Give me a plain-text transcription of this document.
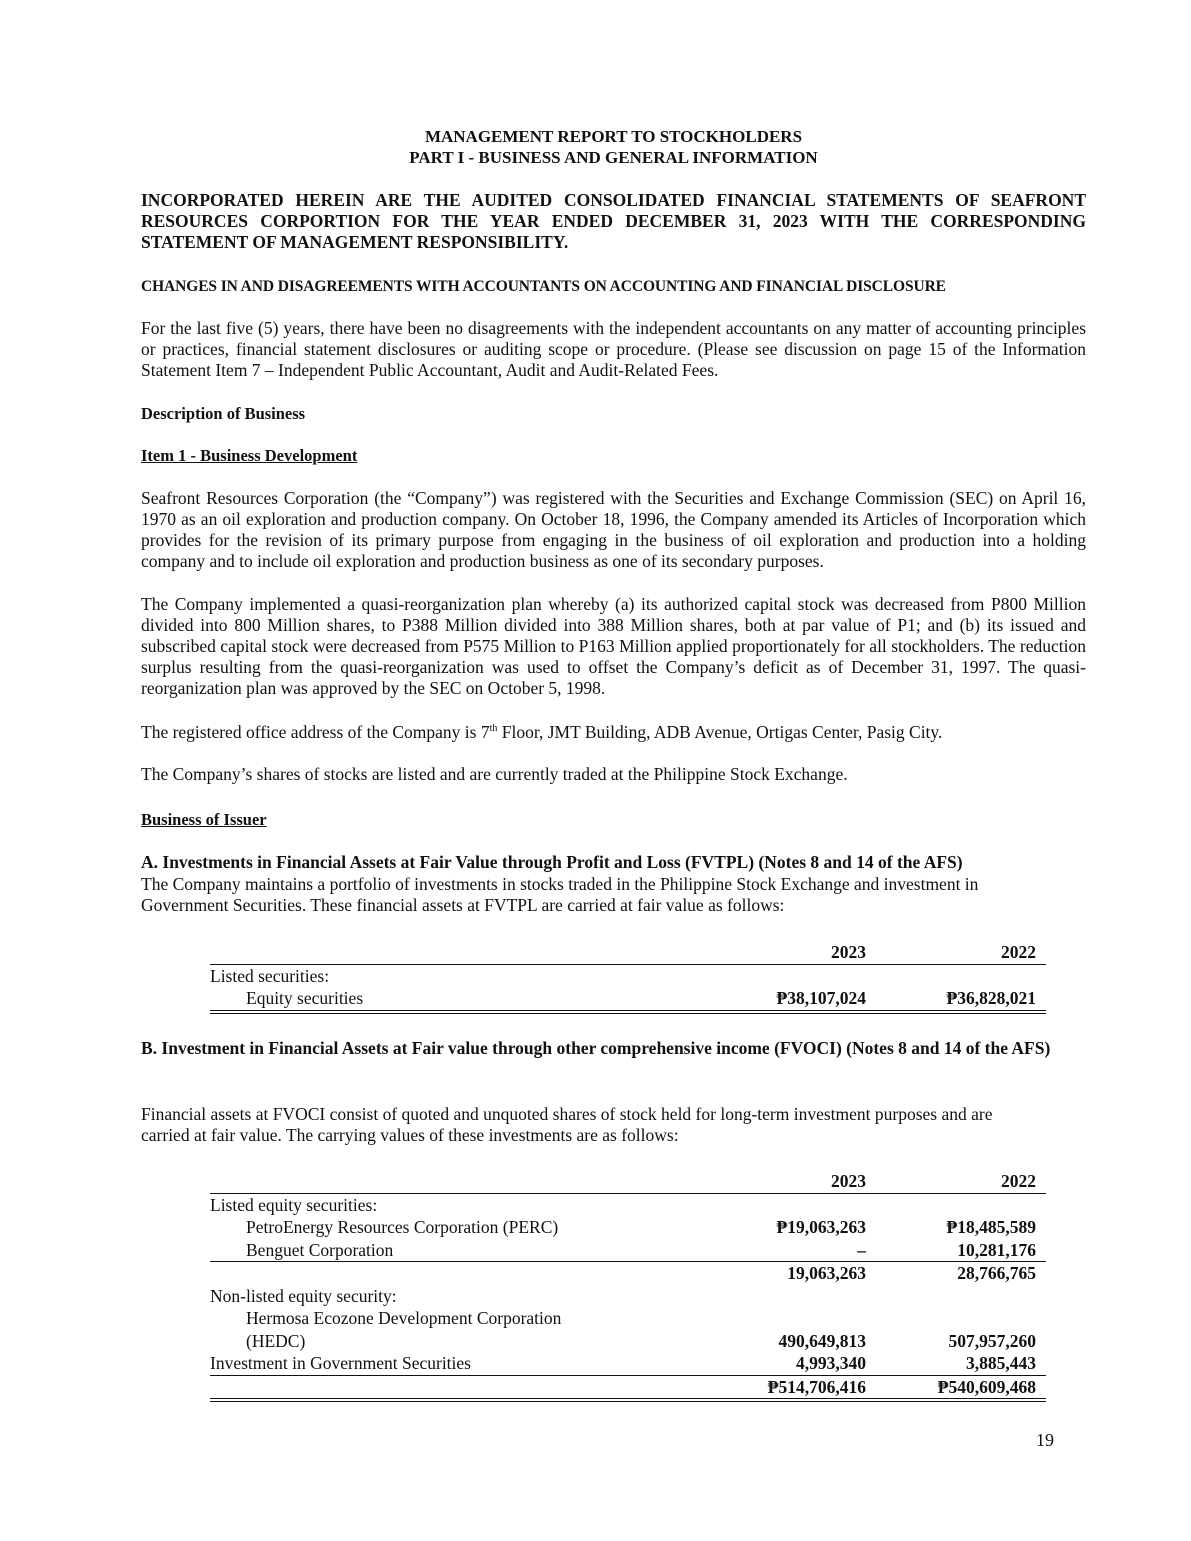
MANAGEMENT REPORT TO STOCKHOLDERS
PART I - BUSINESS AND GENERAL INFORMATION
INCORPORATED HEREIN ARE THE AUDITED CONSOLIDATED FINANCIAL STATEMENTS OF SEAFRONT RESOURCES CORPORTION FOR THE YEAR ENDED DECEMBER 31, 2023 WITH THE CORRESPONDING STATEMENT OF MANAGEMENT RESPONSIBILITY.
CHANGES IN AND DISAGREEMENTS WITH ACCOUNTANTS ON ACCOUNTING AND FINANCIAL DISCLOSURE
For the last five (5) years, there have been no disagreements with the independent accountants on any matter of accounting principles or practices, financial statement disclosures or auditing scope or procedure. (Please see discussion on page 15 of the Information Statement Item 7 – Independent Public Accountant, Audit and Audit-Related Fees.
Description of Business
Item 1 - Business Development
Seafront Resources Corporation (the “Company”) was registered with the Securities and Exchange Commission (SEC) on April 16, 1970 as an oil exploration and production company. On October 18, 1996, the Company amended its Articles of Incorporation which provides for the revision of its primary purpose from engaging in the business of oil exploration and production into a holding company and to include oil exploration and production business as one of its secondary purposes.
The Company implemented a quasi-reorganization plan whereby (a) its authorized capital stock was decreased from P800 Million divided into 800 Million shares, to P388 Million divided into 388 Million shares, both at par value of P1; and (b) its issued and subscribed capital stock were decreased from P575 Million to P163 Million applied proportionately for all stockholders. The reduction surplus resulting from the quasi-reorganization was used to offset the Company’s deficit as of December 31, 1997. The quasi-reorganization plan was approved by the SEC on October 5, 1998.
The registered office address of the Company is 7th Floor, JMT Building, ADB Avenue, Ortigas Center, Pasig City.
The Company’s shares of stocks are listed and are currently traded at the Philippine Stock Exchange.
Business of Issuer
A. Investments in Financial Assets at Fair Value through Profit and Loss (FVTPL) (Notes 8 and 14 of the AFS)
The Company maintains a portfolio of investments in stocks traded in the Philippine Stock Exchange and investment in Government Securities. These financial assets at FVTPL are carried at fair value as follows:
	2023		2022
Listed securities:			
Equity securities	₱38,107,024		₱36,828,021
B. Investment in Financial Assets at Fair value through other comprehensive income (FVOCI) (Notes 8 and 14 of the AFS)
Financial assets at FVOCI consist of quoted and unquoted shares of stock held for long-term investment purposes and are carried at fair value. The carrying values of these investments are as follows:
	2023		2022
Listed equity securities:			
PetroEnergy Resources Corporation (PERC)	₱19,063,263		₱18,485,589
Benguet Corporation	–		10,281,176
	19,063,263		28,766,765
Non-listed equity security:			
Hermosa Ecozone Development Corporation			
(HEDC)	490,649,813		507,957,260
Investment in Government Securities	4,993,340		3,885,443
	₱514,706,416		₱540,609,468
19
